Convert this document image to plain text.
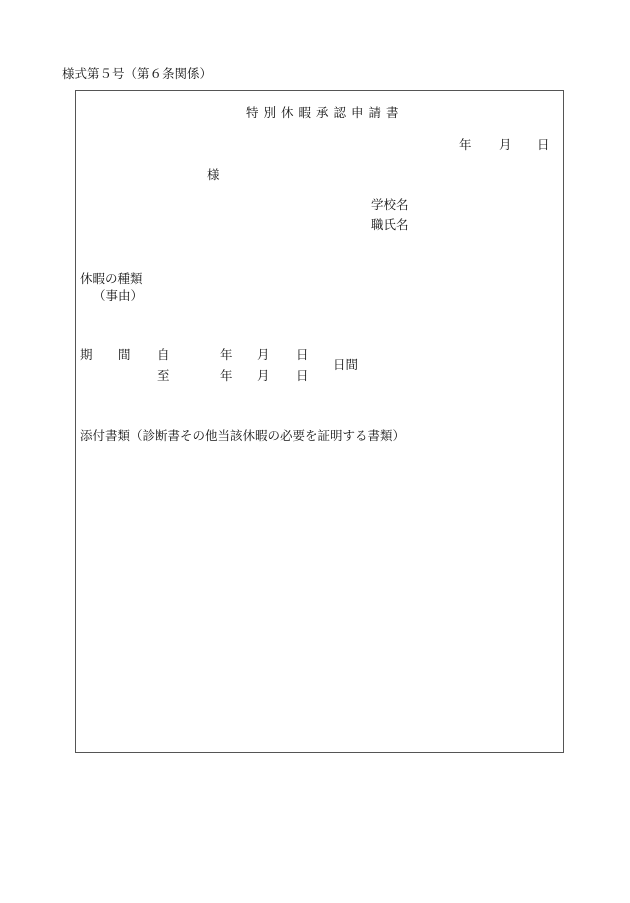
様式第５号（第６条関係）
特別休暇承認申請書
年 月 日
様
学校名
職氏名
休暇の種類
（事由）
期 間 自	年 月 日
日間
至	年 月 日
添付書類（診断書その他当該休暇の必要を証明する書類）
